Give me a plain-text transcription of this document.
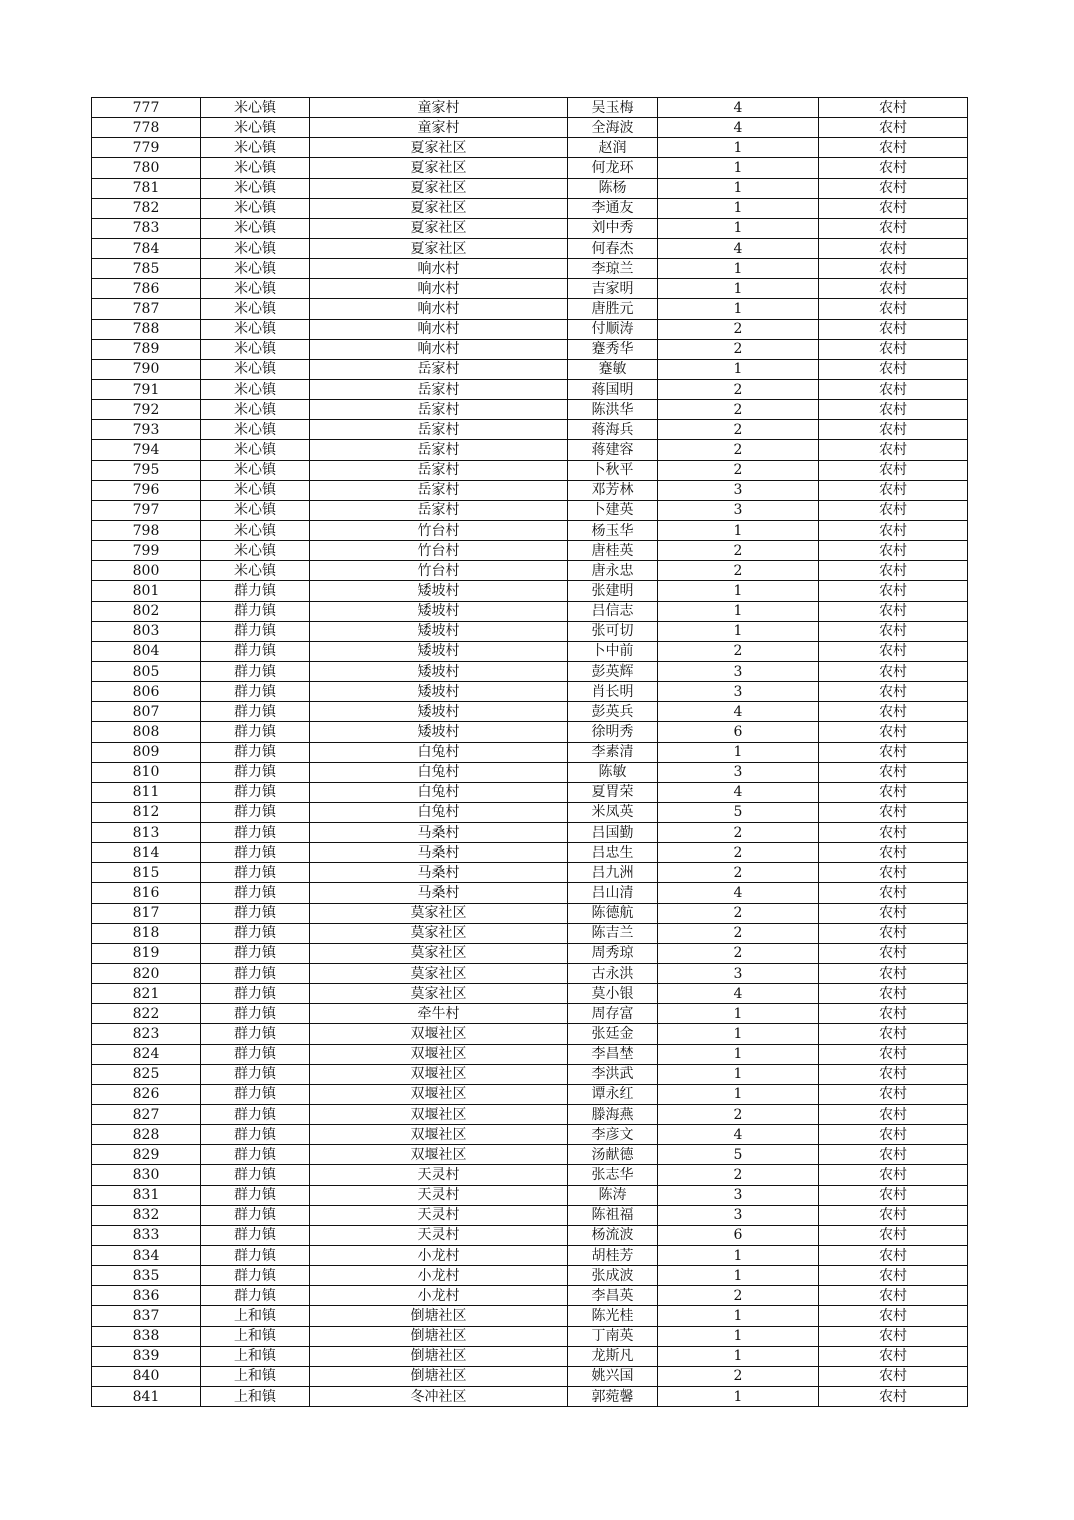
777	米心镇	童家村	吴玉梅	4	农村
778	米心镇	童家村	全海波	4	农村
779	米心镇	夏家社区	赵润	1	农村
780	米心镇	夏家社区	何龙环	1	农村
781	米心镇	夏家社区	陈杨	1	农村
782	米心镇	夏家社区	李通友	1	农村
783	米心镇	夏家社区	刘中秀	1	农村
784	米心镇	夏家社区	何春杰	4	农村
785	米心镇	响水村	李琼兰	1	农村
786	米心镇	响水村	吉家明	1	农村
787	米心镇	响水村	唐胜元	1	农村
788	米心镇	响水村	付顺涛	2	农村
789	米心镇	响水村	蹇秀华	2	农村
790	米心镇	岳家村	蹇敏	1	农村
791	米心镇	岳家村	蒋国明	2	农村
792	米心镇	岳家村	陈洪华	2	农村
793	米心镇	岳家村	蒋海兵	2	农村
794	米心镇	岳家村	蒋建容	2	农村
795	米心镇	岳家村	卜秋平	2	农村
796	米心镇	岳家村	邓芳林	3	农村
797	米心镇	岳家村	卜建英	3	农村
798	米心镇	竹台村	杨玉华	1	农村
799	米心镇	竹台村	唐桂英	2	农村
800	米心镇	竹台村	唐永忠	2	农村
801	群力镇	矮坡村	张建明	1	农村
802	群力镇	矮坡村	吕信志	1	农村
803	群力镇	矮坡村	张可切	1	农村
804	群力镇	矮坡村	卜中前	2	农村
805	群力镇	矮坡村	彭英辉	3	农村
806	群力镇	矮坡村	肖长明	3	农村
807	群力镇	矮坡村	彭英兵	4	农村
808	群力镇	矮坡村	徐明秀	6	农村
809	群力镇	白兔村	李素清	1	农村
810	群力镇	白兔村	陈敏	3	农村
811	群力镇	白兔村	夏胃荣	4	农村
812	群力镇	白兔村	米凤英	5	农村
813	群力镇	马桑村	吕国勤	2	农村
814	群力镇	马桑村	吕忠生	2	农村
815	群力镇	马桑村	吕九洲	2	农村
816	群力镇	马桑村	吕山清	4	农村
817	群力镇	莫家社区	陈德航	2	农村
818	群力镇	莫家社区	陈吉兰	2	农村
819	群力镇	莫家社区	周秀琼	2	农村
820	群力镇	莫家社区	古永洪	3	农村
821	群力镇	莫家社区	莫小银	4	农村
822	群力镇	牵牛村	周存富	1	农村
823	群力镇	双堰社区	张廷金	1	农村
824	群力镇	双堰社区	李昌埜	1	农村
825	群力镇	双堰社区	李洪武	1	农村
826	群力镇	双堰社区	谭永红	1	农村
827	群力镇	双堰社区	滕海燕	2	农村
828	群力镇	双堰社区	李彦文	4	农村
829	群力镇	双堰社区	汤献德	5	农村
830	群力镇	天灵村	张志华	2	农村
831	群力镇	天灵村	陈涛	3	农村
832	群力镇	天灵村	陈祖福	3	农村
833	群力镇	天灵村	杨流波	6	农村
834	群力镇	小龙村	胡桂芳	1	农村
835	群力镇	小龙村	张成波	1	农村
836	群力镇	小龙村	李昌英	2	农村
837	上和镇	倒塘社区	陈光桂	1	农村
838	上和镇	倒塘社区	丁南英	1	农村
839	上和镇	倒塘社区	龙斯凡	1	农村
840	上和镇	倒塘社区	姚兴国	2	农村
841	上和镇	冬冲社区	郭菀馨	1	农村
